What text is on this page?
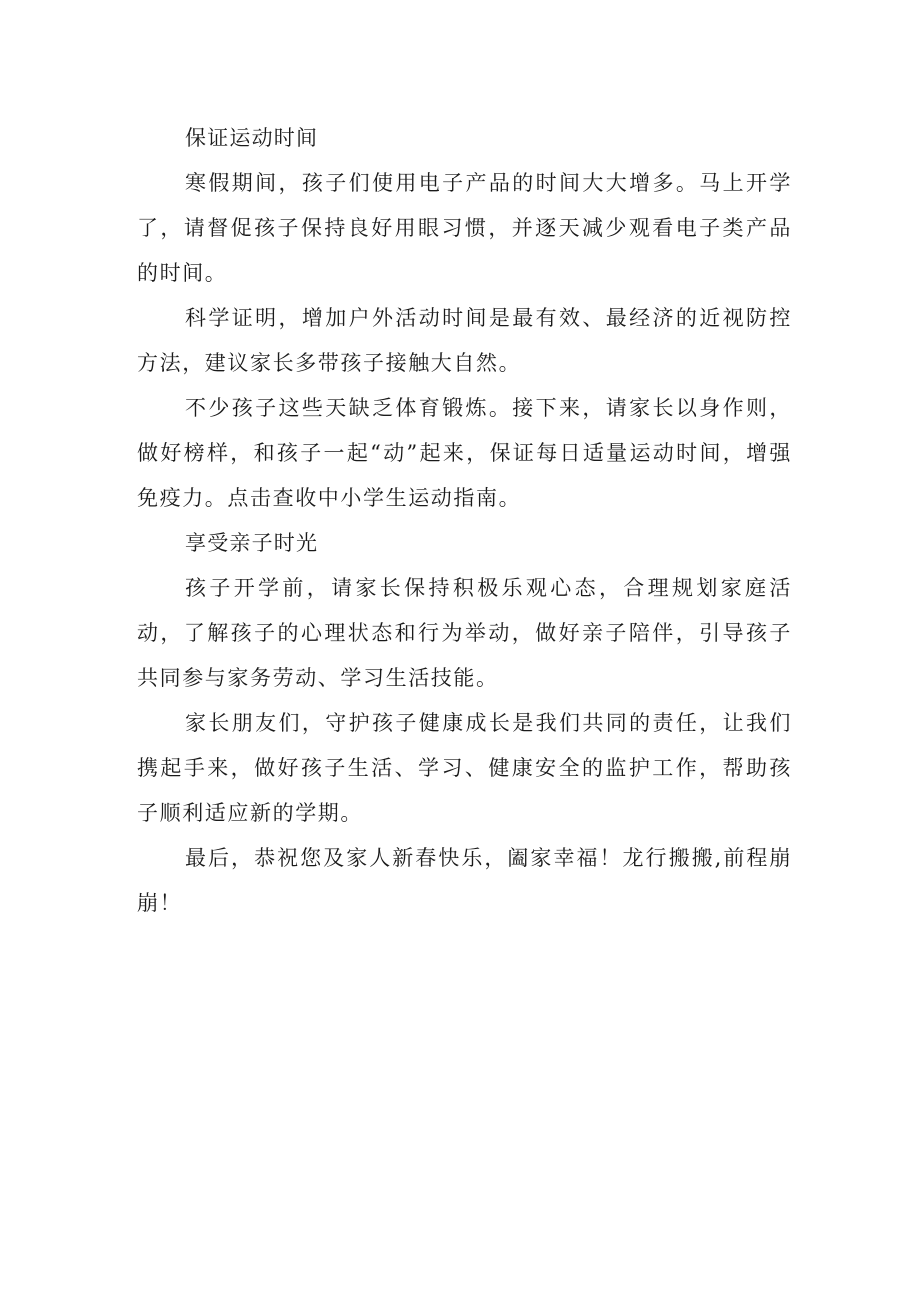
保证运动时间

寒假期间，孩子们使用电子产品的时间大大增多。马上开学了，请督促孩子保持良好用眼习惯，并逐天减少观看电子类产品的时间。

科学证明，增加户外活动时间是最有效、最经济的近视防控方法，建议家长多带孩子接触大自然。

不少孩子这些天缺乏体育锻炼。接下来，请家长以身作则，做好榜样，和孩子一起“动”起来，保证每日适量运动时间，增强免疫力。点击查收中小学生运动指南。

享受亲子时光

孩子开学前，请家长保持积极乐观心态，合理规划家庭活动，了解孩子的心理状态和行为举动，做好亲子陪伴，引导孩子共同参与家务劳动、学习生活技能。

家长朋友们，守护孩子健康成长是我们共同的责任，让我们携起手来，做好孩子生活、学习、健康安全的监护工作，帮助孩子顺利适应新的学期。

最后，恭祝您及家人新春快乐，阖家幸福！龙行搬搬,前程崩崩！
